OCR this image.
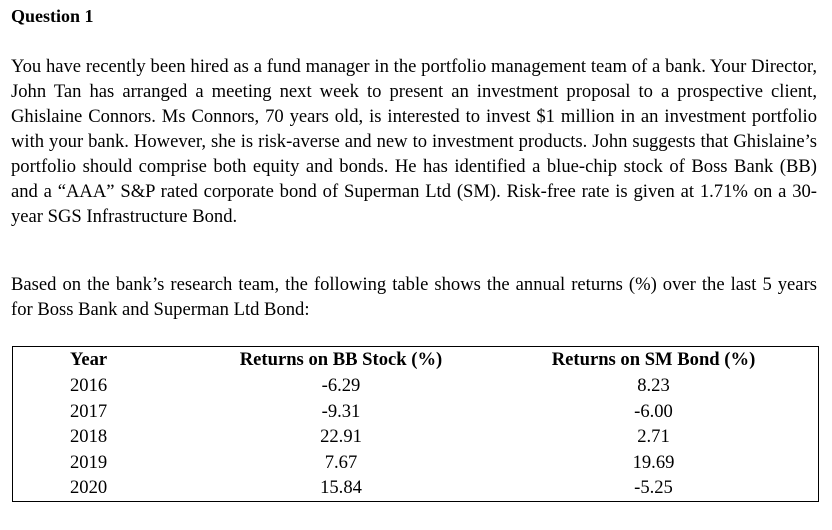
Question 1

You have recently been hired as a fund manager in the portfolio management team of a bank. Your Director, John Tan has arranged a meeting next week to present an investment proposal to a prospective client, Ghislaine Connors. Ms Connors, 70 years old, is interested to invest $1 million in an investment portfolio with your bank. However, she is risk-averse and new to investment products. John suggests that Ghislaine’s portfolio should comprise both equity and bonds. He has identified a blue-chip stock of Boss Bank (BB) and a “AAA” S&P rated corporate bond of Superman Ltd (SM). Risk-free rate is given at 1.71% on a 30-year SGS Infrastructure Bond.

Based on the bank’s research team, the following table shows the annual returns (%) over the last 5 years for Boss Bank and Superman Ltd Bond:

Year	Returns on BB Stock (%)	Returns on SM Bond (%)
2016	-6.29	8.23
2017	-9.31	-6.00
2018	22.91	2.71
2019	7.67	19.69
2020	15.84	-5.25
